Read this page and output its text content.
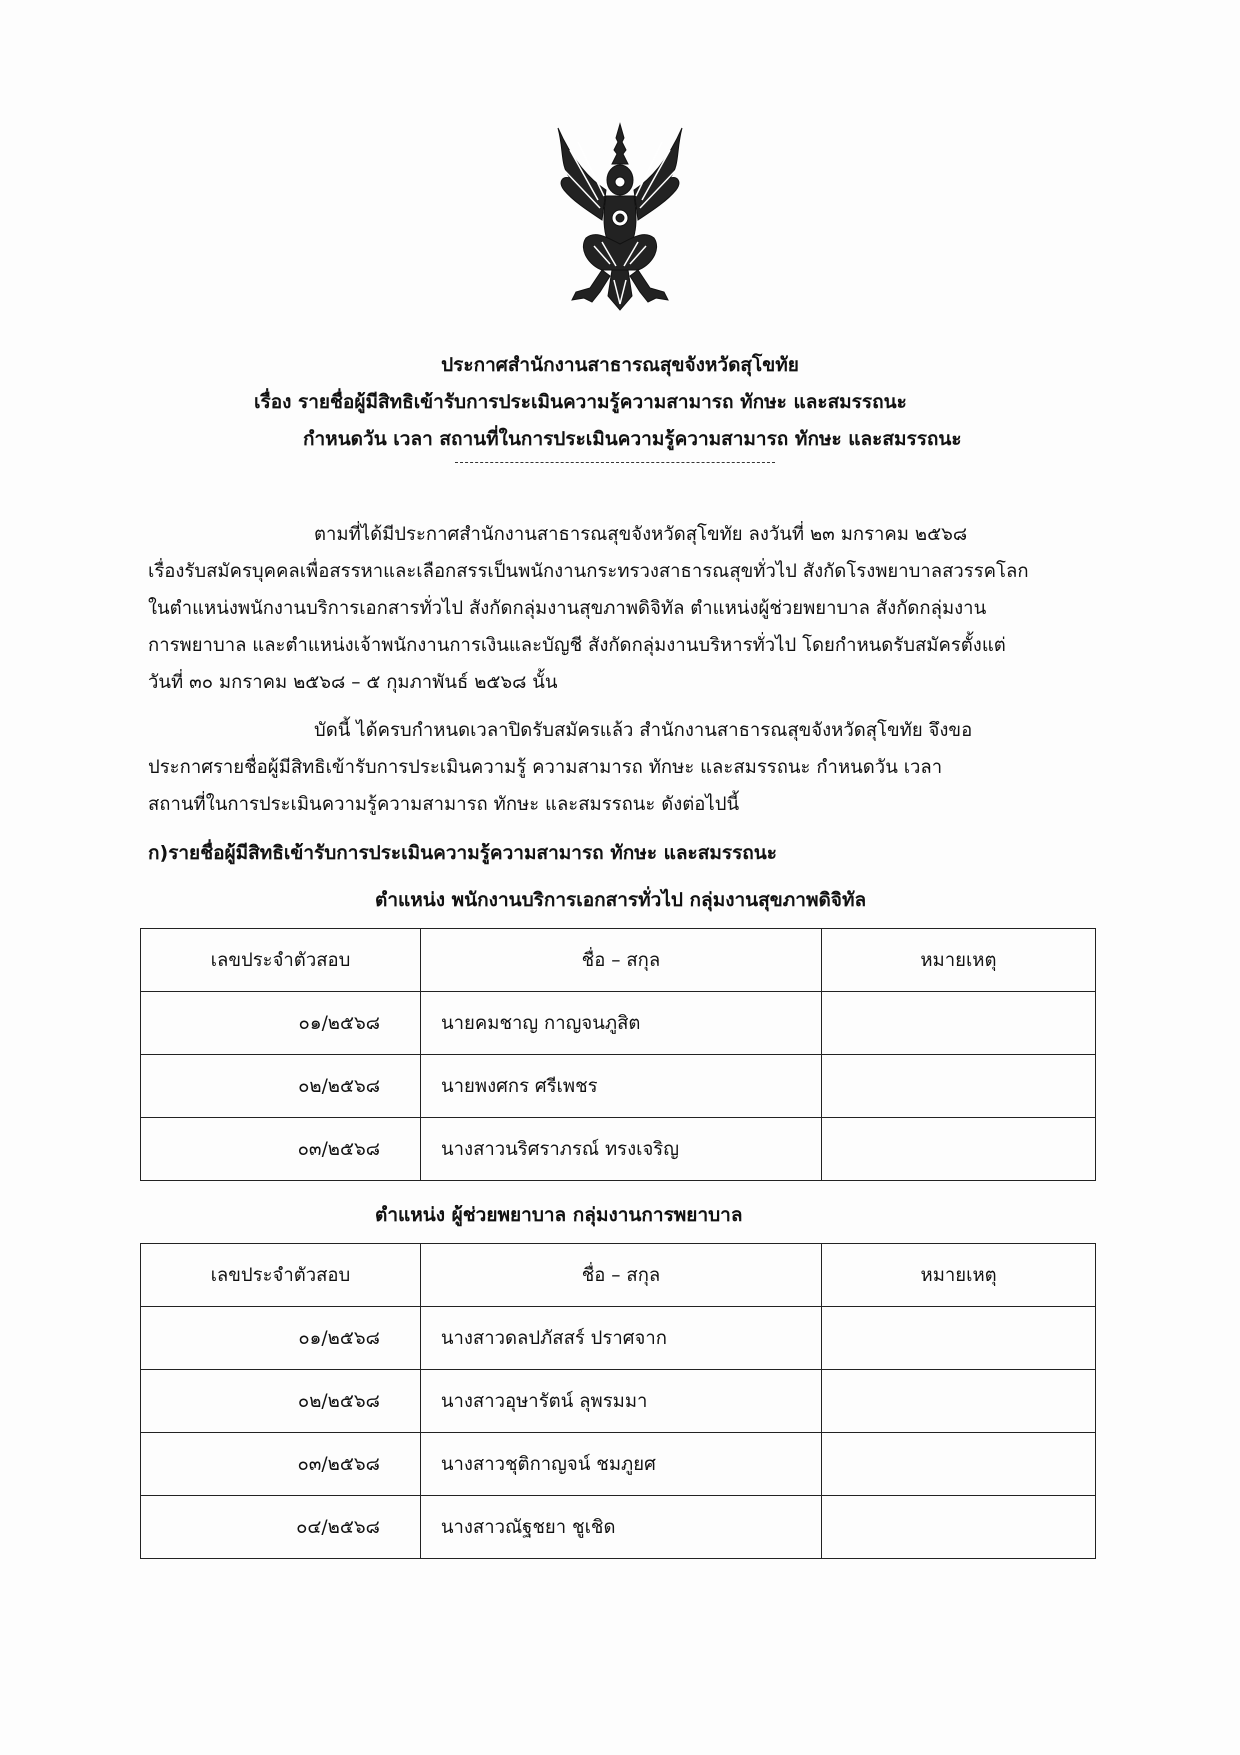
ประกาศสำนักงานสาธารณสุขจังหวัดสุโขทัย
เรื่อง รายชื่อผู้มีสิทธิเข้ารับการประเมินความรู้ความสามารถ ทักษะ และสมรรถนะ
กำหนดวัน เวลา สถานที่ในการประเมินความรู้ความสามารถ ทักษะ และสมรรถนะ
ตามที่ได้มีประกาศสำนักงานสาธารณสุขจังหวัดสุโขทัย ลงวันที่ ๒๓ มกราคม ๒๕๖๘
เรื่องรับสมัครบุคคลเพื่อสรรหาและเลือกสรรเป็นพนักงานกระทรวงสาธารณสุขทั่วไป สังกัดโรงพยาบาลสวรรคโลก
ในตำแหน่งพนักงานบริการเอกสารทั่วไป สังกัดกลุ่มงานสุขภาพดิจิทัล ตำแหน่งผู้ช่วยพยาบาล สังกัดกลุ่มงาน
การพยาบาล และตำแหน่งเจ้าพนักงานการเงินและบัญชี สังกัดกลุ่มงานบริหารทั่วไป โดยกำหนดรับสมัครตั้งแต่
วันที่ ๓๐ มกราคม ๒๕๖๘ – ๕ กุมภาพันธ์ ๒๕๖๘ นั้น
บัดนี้ ได้ครบกำหนดเวลาปิดรับสมัครแล้ว สำนักงานสาธารณสุขจังหวัดสุโขทัย จึงขอ
ประกาศรายชื่อผู้มีสิทธิเข้ารับการประเมินความรู้ ความสามารถ ทักษะ และสมรรถนะ กำหนดวัน เวลา
สถานที่ในการประเมินความรู้ความสามารถ ทักษะ และสมรรถนะ ดังต่อไปนี้
ก)รายชื่อผู้มีสิทธิเข้ารับการประเมินความรู้ความสามารถ ทักษะ และสมรรถนะ
ตำแหน่ง พนักงานบริการเอกสารทั่วไป กลุ่มงานสุขภาพดิจิทัล
เลขประจำตัวสอบ	ชื่อ – สกุล	หมายเหตุ
๐๑/๒๕๖๘	นายคมชาญ กาญจนภูสิต	
๐๒/๒๕๖๘	นายพงศกร ศรีเพชร	
๐๓/๒๕๖๘	นางสาวนริศราภรณ์ ทรงเจริญ	
ตำแหน่ง ผู้ช่วยพยาบาล กลุ่มงานการพยาบาล
เลขประจำตัวสอบ	ชื่อ – สกุล	หมายเหตุ
๐๑/๒๕๖๘	นางสาวดลปภัสสร์ ปราศจาก	
๐๒/๒๕๖๘	นางสาวอุษารัตน์ ลุพรมมา	
๐๓/๒๕๖๘	นางสาวชุติกาญจน์ ชมภูยศ	
๐๔/๒๕๖๘	นางสาวณัฐชยา ชูเชิด	
